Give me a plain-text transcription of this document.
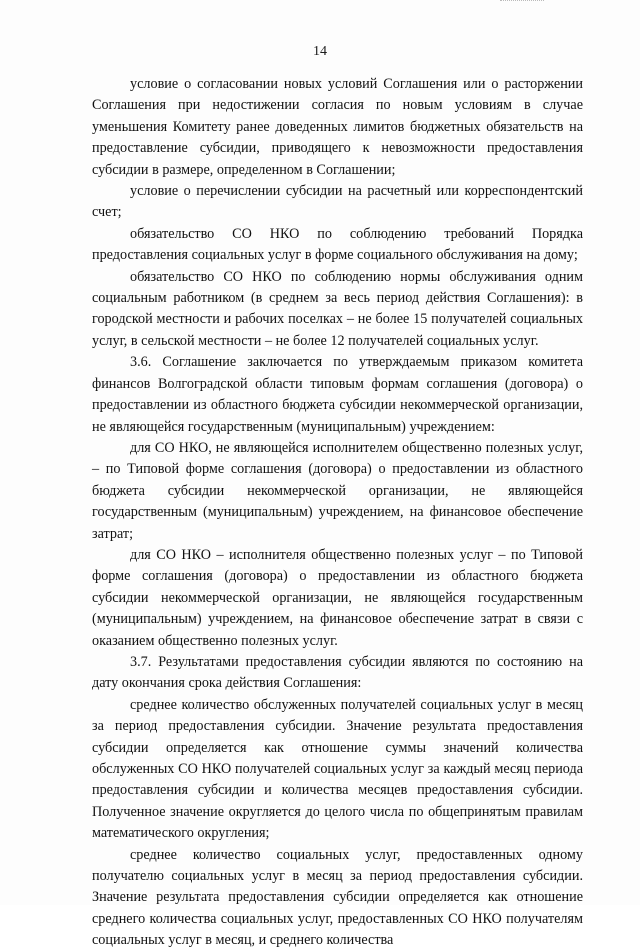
14

условие о согласовании новых условий Соглашения или о расторжении Соглашения при недостижении согласия по новым условиям в случае уменьшения Комитету ранее доведенных лимитов бюджетных обязательств на предоставление субсидии, приводящего к невозможности предоставления субсидии в размере, определенном в Соглашении;

условие о перечислении субсидии на расчетный или корреспондентский счет;

обязательство СО НКО по соблюдению требований Порядка предоставления социальных услуг в форме социального обслуживания на дому;

обязательство СО НКО по соблюдению нормы обслуживания одним социальным работником (в среднем за весь период действия Соглашения): в городской местности и рабочих поселках – не более 15 получателей социальных услуг, в сельской местности – не более 12 получателей социальных услуг.

3.6. Соглашение заключается по утверждаемым приказом комитета финансов Волгоградской области типовым формам соглашения (договора) о предоставлении из областного бюджета субсидии некоммерческой организации, не являющейся государственным (муниципальным) учреждением:

для СО НКО, не являющейся исполнителем общественно полезных услуг, – по Типовой форме соглашения (договора) о предоставлении из областного бюджета субсидии некоммерческой организации, не являющейся государственным (муниципальным) учреждением, на финансовое обеспечение затрат;

для СО НКО – исполнителя общественно полезных услуг – по Типовой форме соглашения (договора) о предоставлении из областного бюджета субсидии некоммерческой организации, не являющейся государственным (муниципальным) учреждением, на финансовое обеспечение затрат в связи с оказанием общественно полезных услуг.

3.7. Результатами предоставления субсидии являются по состоянию на дату окончания срока действия Соглашения:

среднее количество обслуженных получателей социальных услуг в месяц за период предоставления субсидии. Значение результата предоставления субсидии определяется как отношение суммы значений количества обслуженных СО НКО получателей социальных услуг за каждый месяц периода предоставления субсидии и количества месяцев предоставления субсидии. Полученное значение округляется до целого числа по общепринятым правилам математического округления;

среднее количество социальных услуг, предоставленных одному получателю социальных услуг в месяц за период предоставления субсидии. Значение результата предоставления субсидии определяется как отношение среднего количества социальных услуг, предоставленных СО НКО получателям социальных услуг в месяц, и среднего количества
